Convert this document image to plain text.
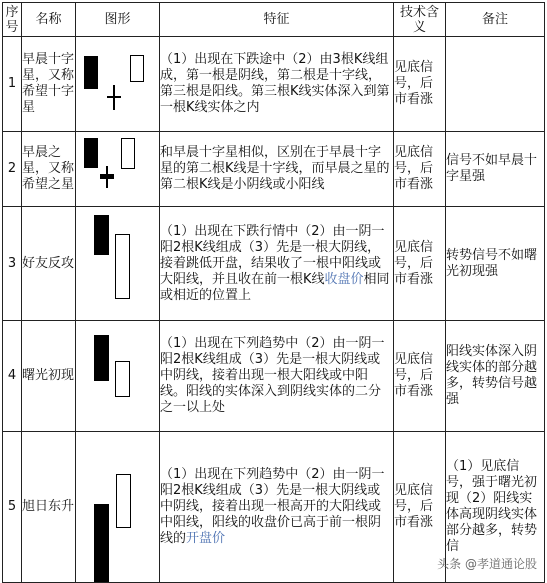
序号	名称	图形	特征	技术含义	备注
1	早晨十字星，又称希望十字星		（1）出现在下跌途中（2）由3根K线组成，第一根是阴线，第二根是十字线，第三根是阳线。第三根K线实体深入到第一根K线实体之内	见底信号，后市看涨	
2	早晨之星，又称希望之星		和早晨十字星相似，区别在于早晨十字星的第二根K线是十字线，而早晨之星的第二根K线是小阴线或小阳线	见底信号，后市看涨	信号不如早晨十字星强
3	好友反攻		（1）出现在下跌行情中（2）由一阴一阳2根K线组成（3）先是一根大阴线，接着跳低开盘，结果收了一根中阳线或大阳线，并且收在前一根K线收盘价相同或相近的位置上	见底信号，后市看涨	转势信号不如曙光初现强
4	曙光初现		（1）出现在下列趋势中（2）由一阴一阳2根K线组成（3）先是一根大阴线或中阴线，接着出现一根大阳线或中阳线。阳线的实体深入到阴线实体的二分之一以上处	见底信号，后市看涨	阳线实体深入阴线实体的部分越多，转势信号越强
5	旭日东升		（1）出现在下列趋势中（2）由一阴一阳2根K线组成（3）先是一根大阴线或中阴线，接着出现一根高开的大阳线或中阳线，阳线的收盘价已高于前一根阴线的开盘价	见底信号，后市看涨	（1）见底信号，强于曙光初现（2）阳线实体高现阴线实体部分越多，转势信
头条 @孝道通论股
